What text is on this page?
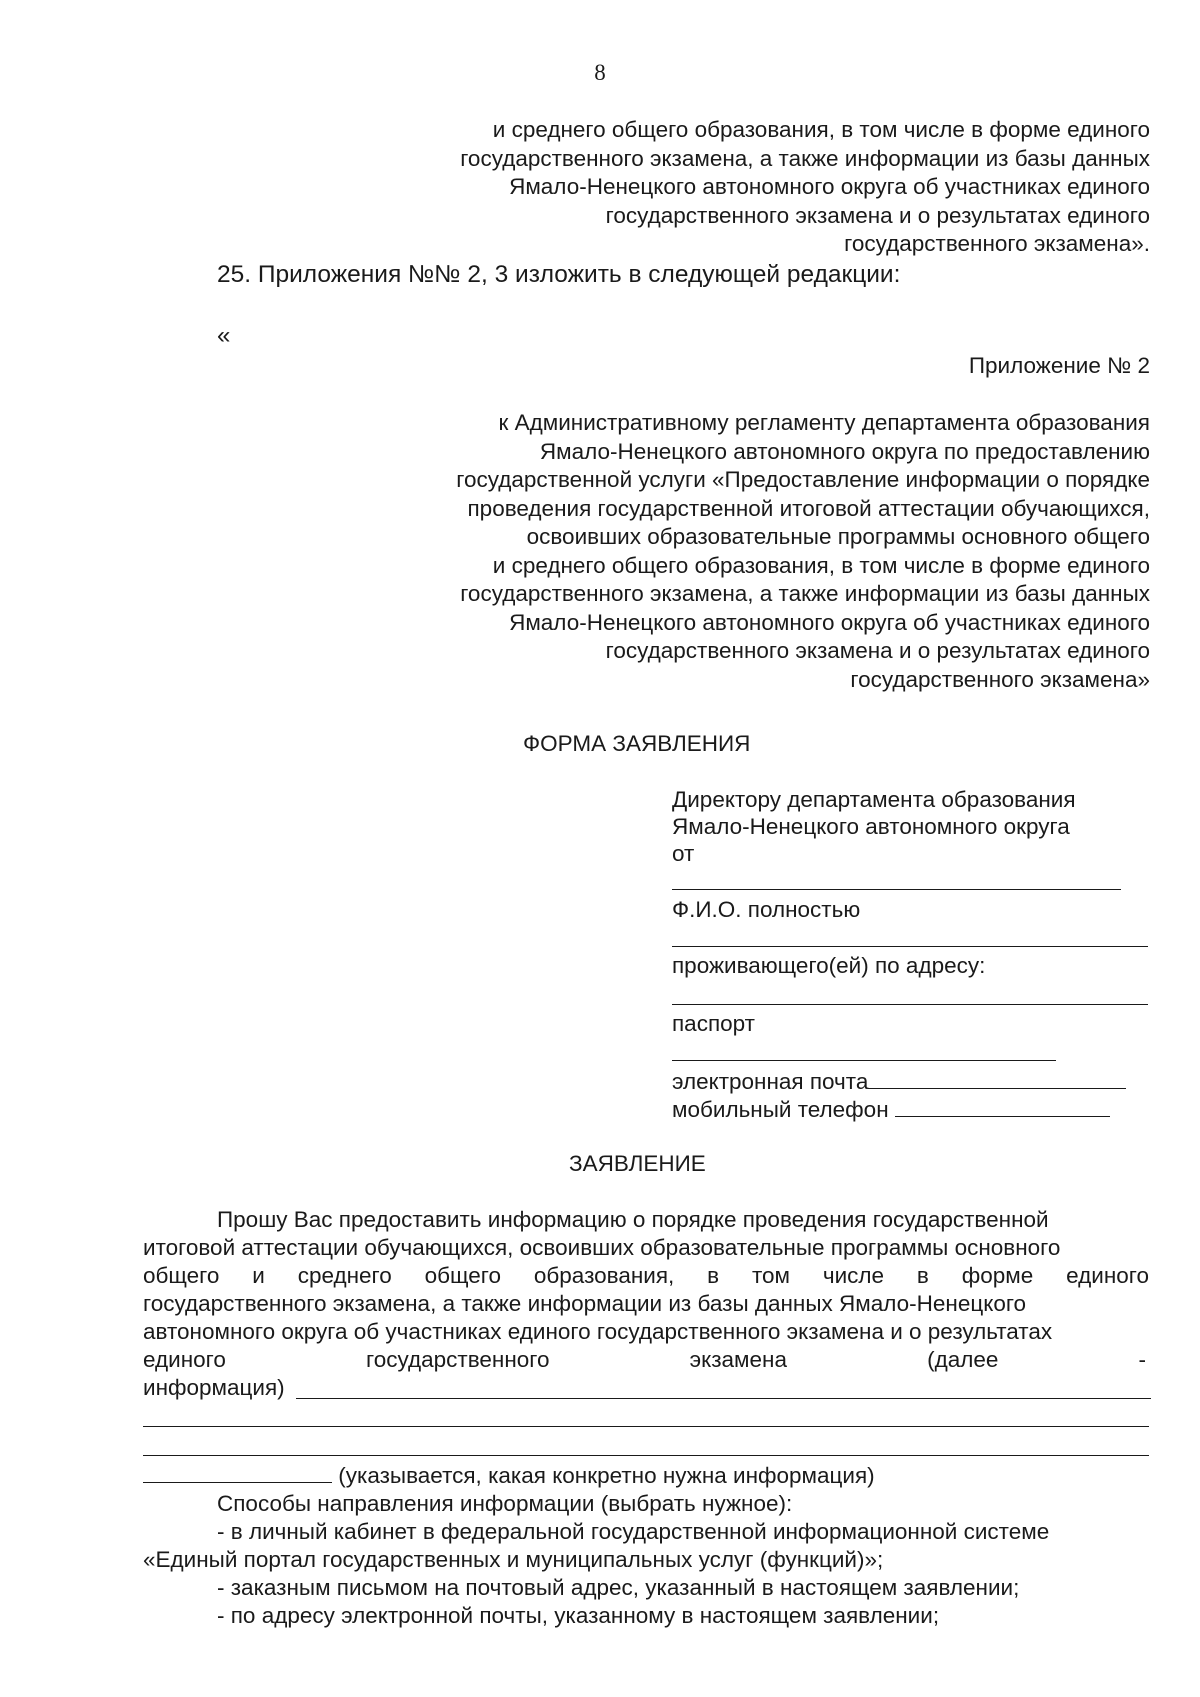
8
и среднего общего образования, в том числе в форме единого
государственного экзамена, а также информации из базы данных
Ямало-Ненецкого автономного округа об участниках единого
государственного экзамена и о результатах единого
государственного экзамена».
25. Приложения №№ 2, 3 изложить в следующей редакции:
«
Приложение № 2
к Административному регламенту департамента образования
Ямало-Ненецкого автономного округа по предоставлению
государственной услуги «Предоставление информации о порядке
проведения государственной итоговой аттестации обучающихся,
освоивших образовательные программы основного общего
и среднего общего образования, в том числе в форме единого
государственного экзамена, а также информации из базы данных
Ямало-Ненецкого автономного округа об участниках единого
государственного экзамена и о результатах единого
государственного экзамена»
ФОРМА ЗАЯВЛЕНИЯ
Директору департамента образования
Ямало-Ненецкого автономного округа
от
Ф.И.О. полностью
проживающего(ей) по адресу:
паспорт
электронная почта
мобильный телефон
ЗАЯВЛЕНИЕ
Прошу Вас предоставить информацию о порядке проведения государственной
итоговой аттестации обучающихся, освоивших образовательные программы основного
общего и среднего общего образования, в том числе в форме единого
государственного экзамена, а также информации из базы данных Ямало-Ненецкого
автономного округа об участниках единого государственного экзамена и о результатах
единого государственного экзамена (далее -
информация)
(указывается, какая конкретно нужна информация)
Способы направления информации (выбрать нужное):
- в личный кабинет в федеральной государственной информационной системе
«Единый портал государственных и муниципальных услуг (функций)»;
- заказным письмом на почтовый адрес, указанный в настоящем заявлении;
- по адресу электронной почты, указанному в настоящем заявлении;
